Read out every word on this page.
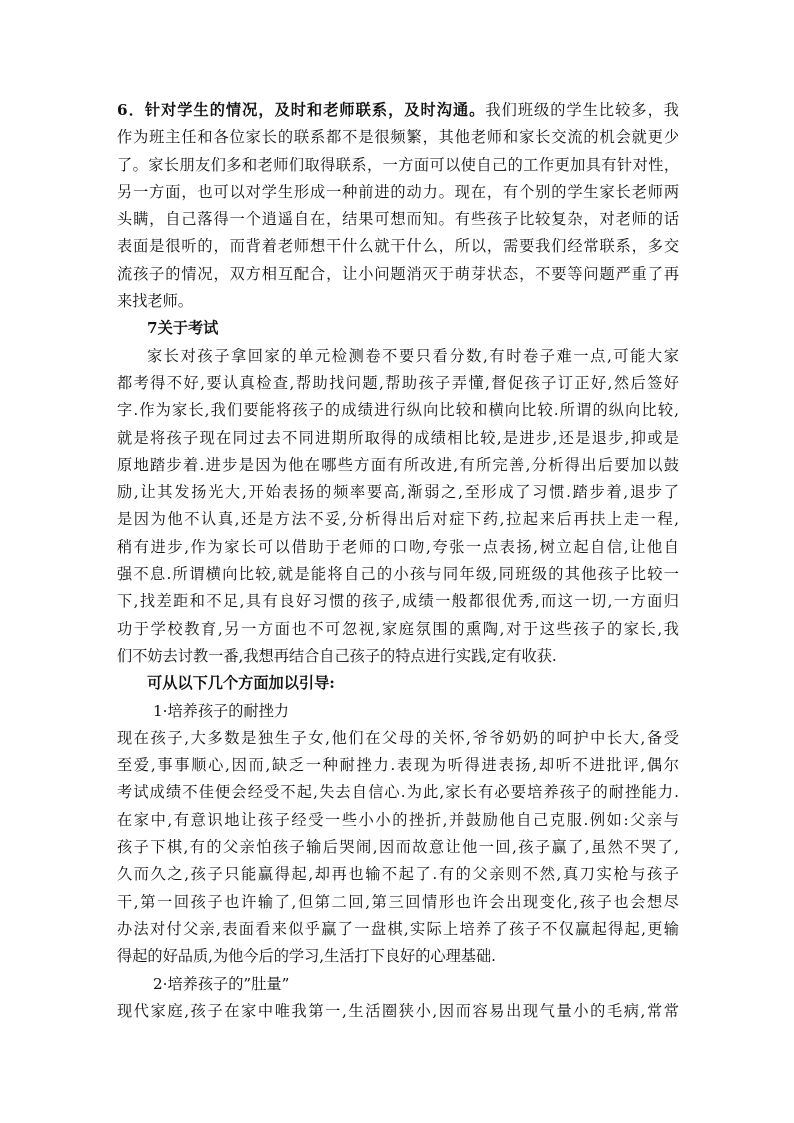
6．针对学生的情况，及时和老师联系，及时沟通。我们班级的学生比较多，我
作为班主任和各位家长的联系都不是很频繁，其他老师和家长交流的机会就更少
了。家长朋友们多和老师们取得联系，一方面可以使自己的工作更加具有针对性，
另一方面，也可以对学生形成一种前进的动力。现在，有个别的学生家长老师两
头瞒，自己落得一个逍遥自在，结果可想而知。有些孩子比较复杂，对老师的话
表面是很听的，而背着老师想干什么就干什么，所以，需要我们经常联系，多交
流孩子的情况，双方相互配合，让小问题消灭于萌芽状态，不要等问题严重了再
来找老师。
7关于考试
家长对孩子拿回家的单元检测卷不要只看分数,有时卷子难一点,可能大家
都考得不好,要认真检查,帮助找问题,帮助孩子弄懂,督促孩子订正好,然后签好
字.作为家长,我们要能将孩子的成绩进行纵向比较和横向比较.所谓的纵向比较,
就是将孩子现在同过去不同进期所取得的成绩相比较,是进步,还是退步,抑或是
原地踏步着.进步是因为他在哪些方面有所改进,有所完善,分析得出后要加以鼓
励,让其发扬光大,开始表扬的频率要高,渐弱之,至形成了习惯.踏步着,退步了
是因为他不认真,还是方法不妥,分析得出后对症下药,拉起来后再扶上走一程,
稍有进步,作为家长可以借助于老师的口吻,夸张一点表扬,树立起自信,让他自
强不息.所谓横向比较,就是能将自己的小孩与同年级,同班级的其他孩子比较一
下,找差距和不足,具有良好习惯的孩子,成绩一般都很优秀,而这一切,一方面归
功于学校教育,另一方面也不可忽视,家庭氛围的熏陶,对于这些孩子的家长,我
们不妨去讨教一番,我想再结合自己孩子的特点进行实践,定有收获.
可从以下几个方面加以引导:
1·培养孩子的耐挫力
现在孩子,大多数是独生子女,他们在父母的关怀,爷爷奶奶的呵护中长大,备受
至爱,事事顺心,因而,缺乏一种耐挫力.表现为听得进表扬,却听不进批评,偶尔
考试成绩不佳便会经受不起,失去自信心.为此,家长有必要培养孩子的耐挫能力.
在家中,有意识地让孩子经受一些小小的挫折,并鼓励他自己克服.例如:父亲与
孩子下棋,有的父亲怕孩子输后哭闹,因而故意让他一回,孩子赢了,虽然不哭了,
久而久之,孩子只能赢得起,却再也输不起了.有的父亲则不然,真刀实枪与孩子
干,第一回孩子也许输了,但第二回,第三回情形也许会出现变化,孩子也会想尽
办法对付父亲,表面看来似乎赢了一盘棋,实际上培养了孩子不仅赢起得起,更输
得起的好品质,为他今后的学习,生活打下良好的心理基础.
2·培养孩子的”肚量”
现代家庭,孩子在家中唯我第一,生活圈狭小,因而容易出现气量小的毛病,常常
